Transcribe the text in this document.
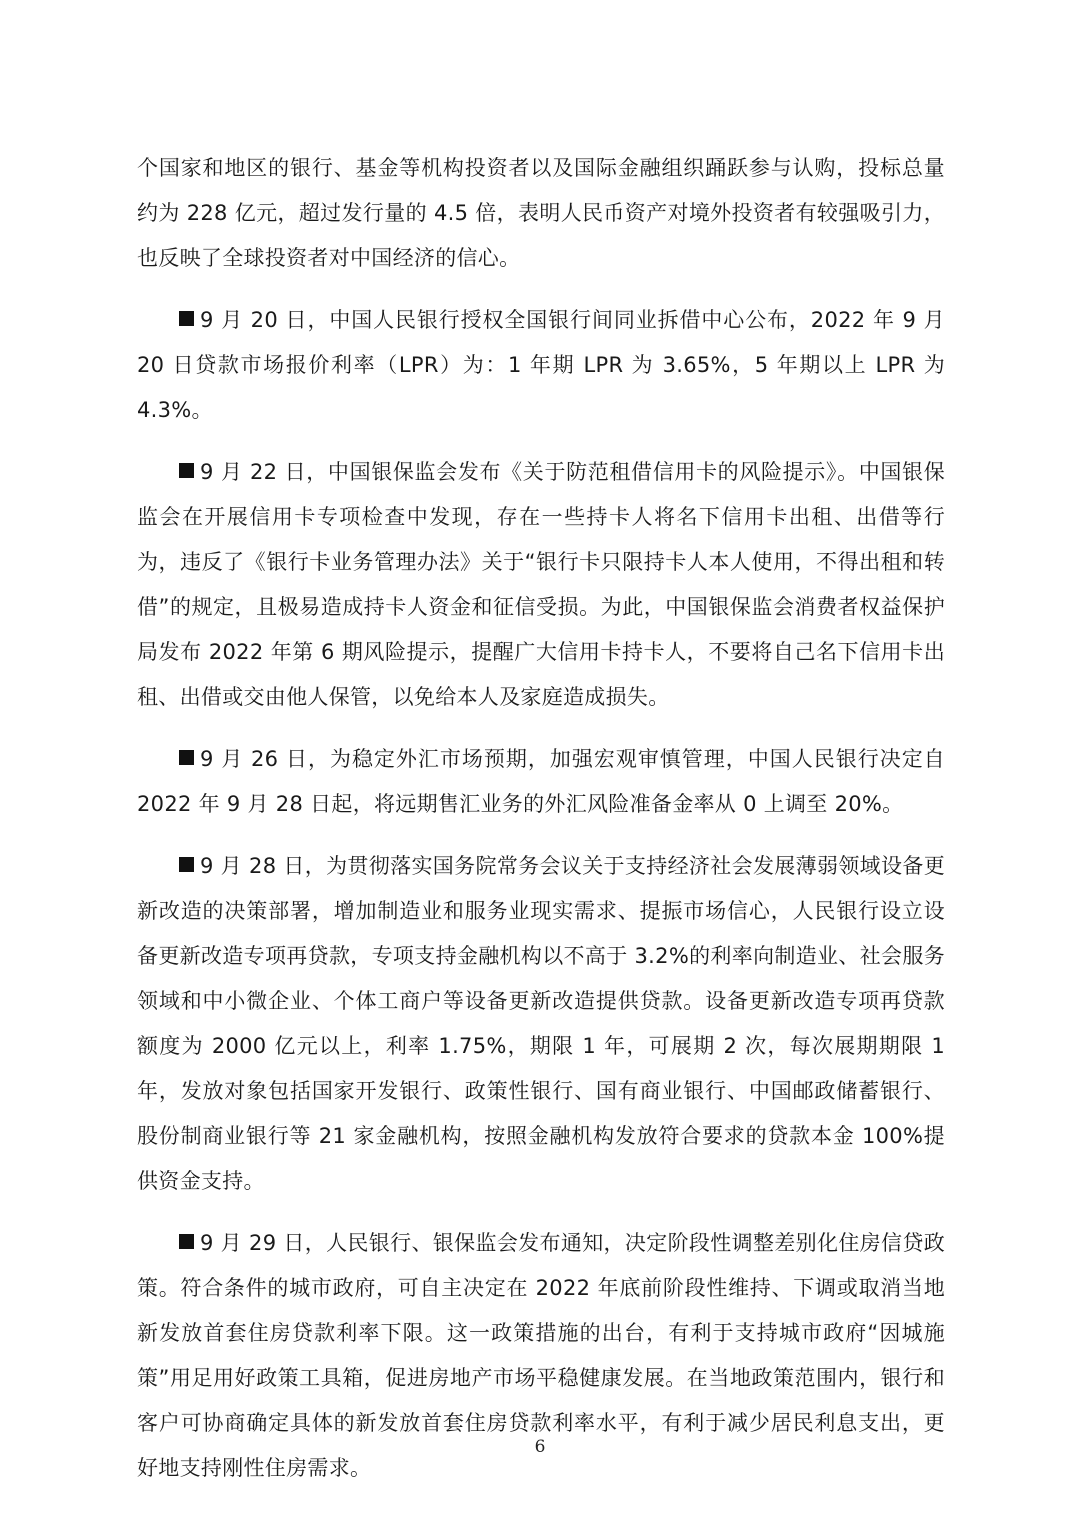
个国家和地区的银行、基金等机构投资者以及国际金融组织踊跃参与认购，投标总量约为 228 亿元，超过发行量的 4.5 倍，表明人民币资产对境外投资者有较强吸引力，也反映了全球投资者对中国经济的信心。

9 月 20 日，中国人民银行授权全国银行间同业拆借中心公布，2022 年 9 月 20 日贷款市场报价利率（LPR）为：1 年期 LPR 为 3.65%，5 年期以上 LPR 为 4.3%。

9 月 22 日，中国银保监会发布《关于防范租借信用卡的风险提示》。中国银保监会在开展信用卡专项检查中发现，存在一些持卡人将名下信用卡出租、出借等行为，违反了《银行卡业务管理办法》关于“银行卡只限持卡人本人使用，不得出租和转借”的规定，且极易造成持卡人资金和征信受损。为此，中国银保监会消费者权益保护局发布 2022 年第 6 期风险提示，提醒广大信用卡持卡人，不要将自己名下信用卡出租、出借或交由他人保管，以免给本人及家庭造成损失。

9 月 26 日，为稳定外汇市场预期，加强宏观审慎管理，中国人民银行决定自 2022 年 9 月 28 日起，将远期售汇业务的外汇风险准备金率从 0 上调至 20%。

9 月 28 日，为贯彻落实国务院常务会议关于支持经济社会发展薄弱领域设备更新改造的决策部署，增加制造业和服务业现实需求、提振市场信心，人民银行设立设备更新改造专项再贷款，专项支持金融机构以不高于 3.2%的利率向制造业、社会服务领域和中小微企业、个体工商户等设备更新改造提供贷款。设备更新改造专项再贷款额度为 2000 亿元以上，利率 1.75%，期限 1 年，可展期 2 次，每次展期期限 1 年，发放对象包括国家开发银行、政策性银行、国有商业银行、中国邮政储蓄银行、股份制商业银行等 21 家金融机构，按照金融机构发放符合要求的贷款本金 100%提供资金支持。

9 月 29 日，人民银行、银保监会发布通知，决定阶段性调整差别化住房信贷政策。符合条件的城市政府，可自主决定在 2022 年底前阶段性维持、下调或取消当地新发放首套住房贷款利率下限。这一政策措施的出台，有利于支持城市政府“因城施策”用足用好政策工具箱，促进房地产市场平稳健康发展。在当地政策范围内，银行和客户可协商确定具体的新发放首套住房贷款利率水平，有利于减少居民利息支出，更好地支持刚性住房需求。

6
